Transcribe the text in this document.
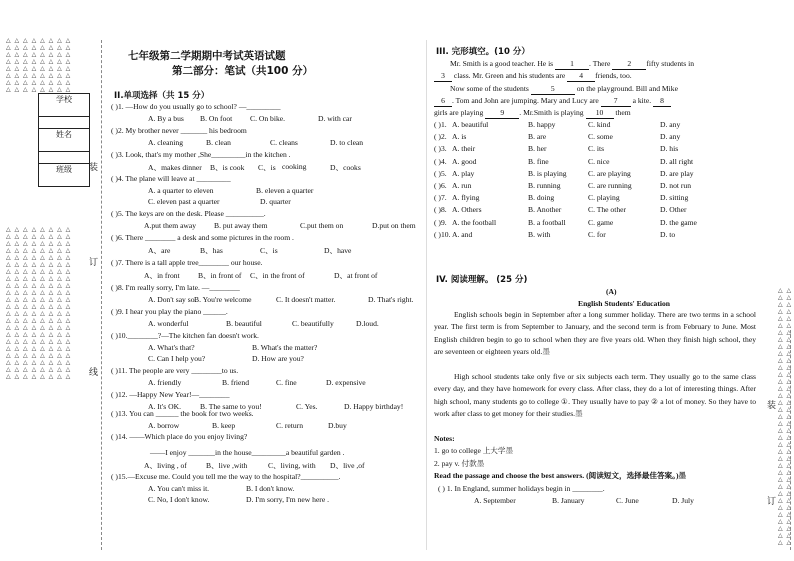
△ △ △ △ △ △ △ △
△ △ △ △ △ △ △ △
△ △ △ △ △ △ △ △
△ △ △ △ △ △ △ △
△ △ △ △ △ △ △ △
△ △ △ △ △ △ △ △
△ △ △ △ △ △ △ △
△ △ △ △ △ △ △ △

△ △ △ △ △ △ △ △
△ △ △ △ △ △ △ △
△ △ △ △ △ △ △ △
△ △ △ △ △ △ △ △
△ △ △ △ △ △ △ △
△ △ △ △ △ △ △ △
△ △ △ △ △ △ △ △
△ △ △ △ △ △ △ △
△ △ △ △ △ △ △ △
△ △ △ △ △ △ △ △
△ △ △ △ △ △ △ △
△ △ △ △ △ △ △ △
△ △ △ △ △ △ △ △
△ △ △ △ △ △ △ △
△ △ △ △ △ △ △ △
△ △ △ △ △ △ △ △
△ △ △ △ △ △ △ △
△ △ △ △ △ △ △ △
△ △ △ △ △ △ △ △
△ △ △ △ △ △ △ △
△ △ △ △ △ △ △ △
△ △ △ △ △ △ △ △

学校
姓名
班级	装
订
线

△ △
△ △
△ △
△ △
△ △
△ △
△ △
△ △
△ △
△ △
△ △
△ △
△ △
△ △
△ △
△ △
△ △
△ △
△ △
△ △
△ △
△ △
△ △
△ △
△ △
△ △
△ △
△ △
△ △
△ △
△ △
△ △
△ △
△ △
△ △
△ △
△ △

装
订
七年级第二学期期中考试英语试题
第二部分：笔试（共100 分）
II.单项选择（共 15 分）
( )1. —How do you usually go to school? —_________
A. By a bus B. On foot C. On bike.	D. with car
( )2. My brother never _______ his bedroom
A. cleaning	B. clean	C. cleans	D. to clean
( )3. Look, that's my mother ,She_________in the kitchen .
A、makes dinner B、is cook C、is cooking	D、cooks
( )4. The plane will leave at _________
A. a quarter to eleven	B. eleven a quarter
C. eleven past a quarter	D. quarter
( )5. The keys are on the desk. Please __________.
A.put them away B. put away them	C.put them on	D.put on them
( )6. There ________ a desk and some pictures in the room .
A、are	B、has	C、is	D、have
( )7. There is a tall apple tree________ our house.
A、in front B、in front of C、in the front of	D、at front of
( )8. I'm really sorry, I'm late. —________
A. Don't say so.
B. You're welcome	C. It doesn't matter.	D. That's right.
( )9. I hear you play the piano ______.
A. wonderful	B. beautiful	C. beautifully	D.loud.
( )10.________?—The kitchen fan doesn't work.
A. What's that?	B. What's the matter?
C. Can I help you?	D. How are you?
( )11. The people are very ________to us.
A. friendly	B. friend	C. fine	D. expensive
( )12. —Happy New Year!—________
A. It's OK. B. The same to you!	C. Yes.	D. Happy birthday!
( )13. You can ______ the book for two weeks.
A. borrow	B. keep	C. return	D.buy
( )14. ——Which place do you enjoy living?
——I enjoy _______in the house_________a beautiful garden .
A、living , of	B、live ,with	C、living, with D、live ,of
( )15.—Excuse me. Could you tell me the way to the hospital?__________.
A. You can't miss it.	B. I don't know.
C. No, I don't know.	D. I'm sorry, I'm new here .
III. 完形填空。(10 分）
Mr. Smith is a good teacher. He is 1 . There 2 fifty students in
3 class. Mr. Green and his students are 4 friends, too.
Now some of the students	5	on the playground. Bill and Mike
6 . Tom and John are jumping. Mary and Lucy are 7 a kite. 8
girls are playing 9 . Mr.Smith is playing 10 them
( )1. A. beautiful	B. happy	C. kind	D. any
( )2. A. is	B. are	C. some	D. any
( )3. A. their	B. her	C. its	D. his
( )4. A. good	B. fine	C. nice	D. all right
( )5. A. play	B. is playing	C. are playing	D. are play
( )6. A. run	B. running	C. are running	D. not run
( )7. A. flying	B. doing	C. playing	D. sitting
( )8. A. Others	B. Another	C. The other	D. Other
( )9. A. the football	B. a football	C. game	D. the game
( )10. A. and	B. with	C. for	D. to
IV. 阅读理解。 (25 分)
(A)
English Students' Education
English schools begin in September after a long summer holiday. There are two terms in a school year. The first term is from September to January, and the second term is from February to June. Most English children begin to go to school when they are five years old. When they finish high school, they are seventeen or eighteen years old.墨
High school students take only five or six subjects each term. They usually go to the same class every day, and they have homework for every class. After class, they do a lot of interesting things. After high school, many students go to college ①. They usually have to pay ② a lot of money. So they have to work after class to get money for their studies.墨
Notes:
1. go to college 上大学墨
2. pay v. 付款墨
Read the passage and choose the best answers. (阅读短文，选择最佳答案。)墨
( ) 1. In England, summer holidays begin in ________.
A. September	B. January	C. June	D. July
